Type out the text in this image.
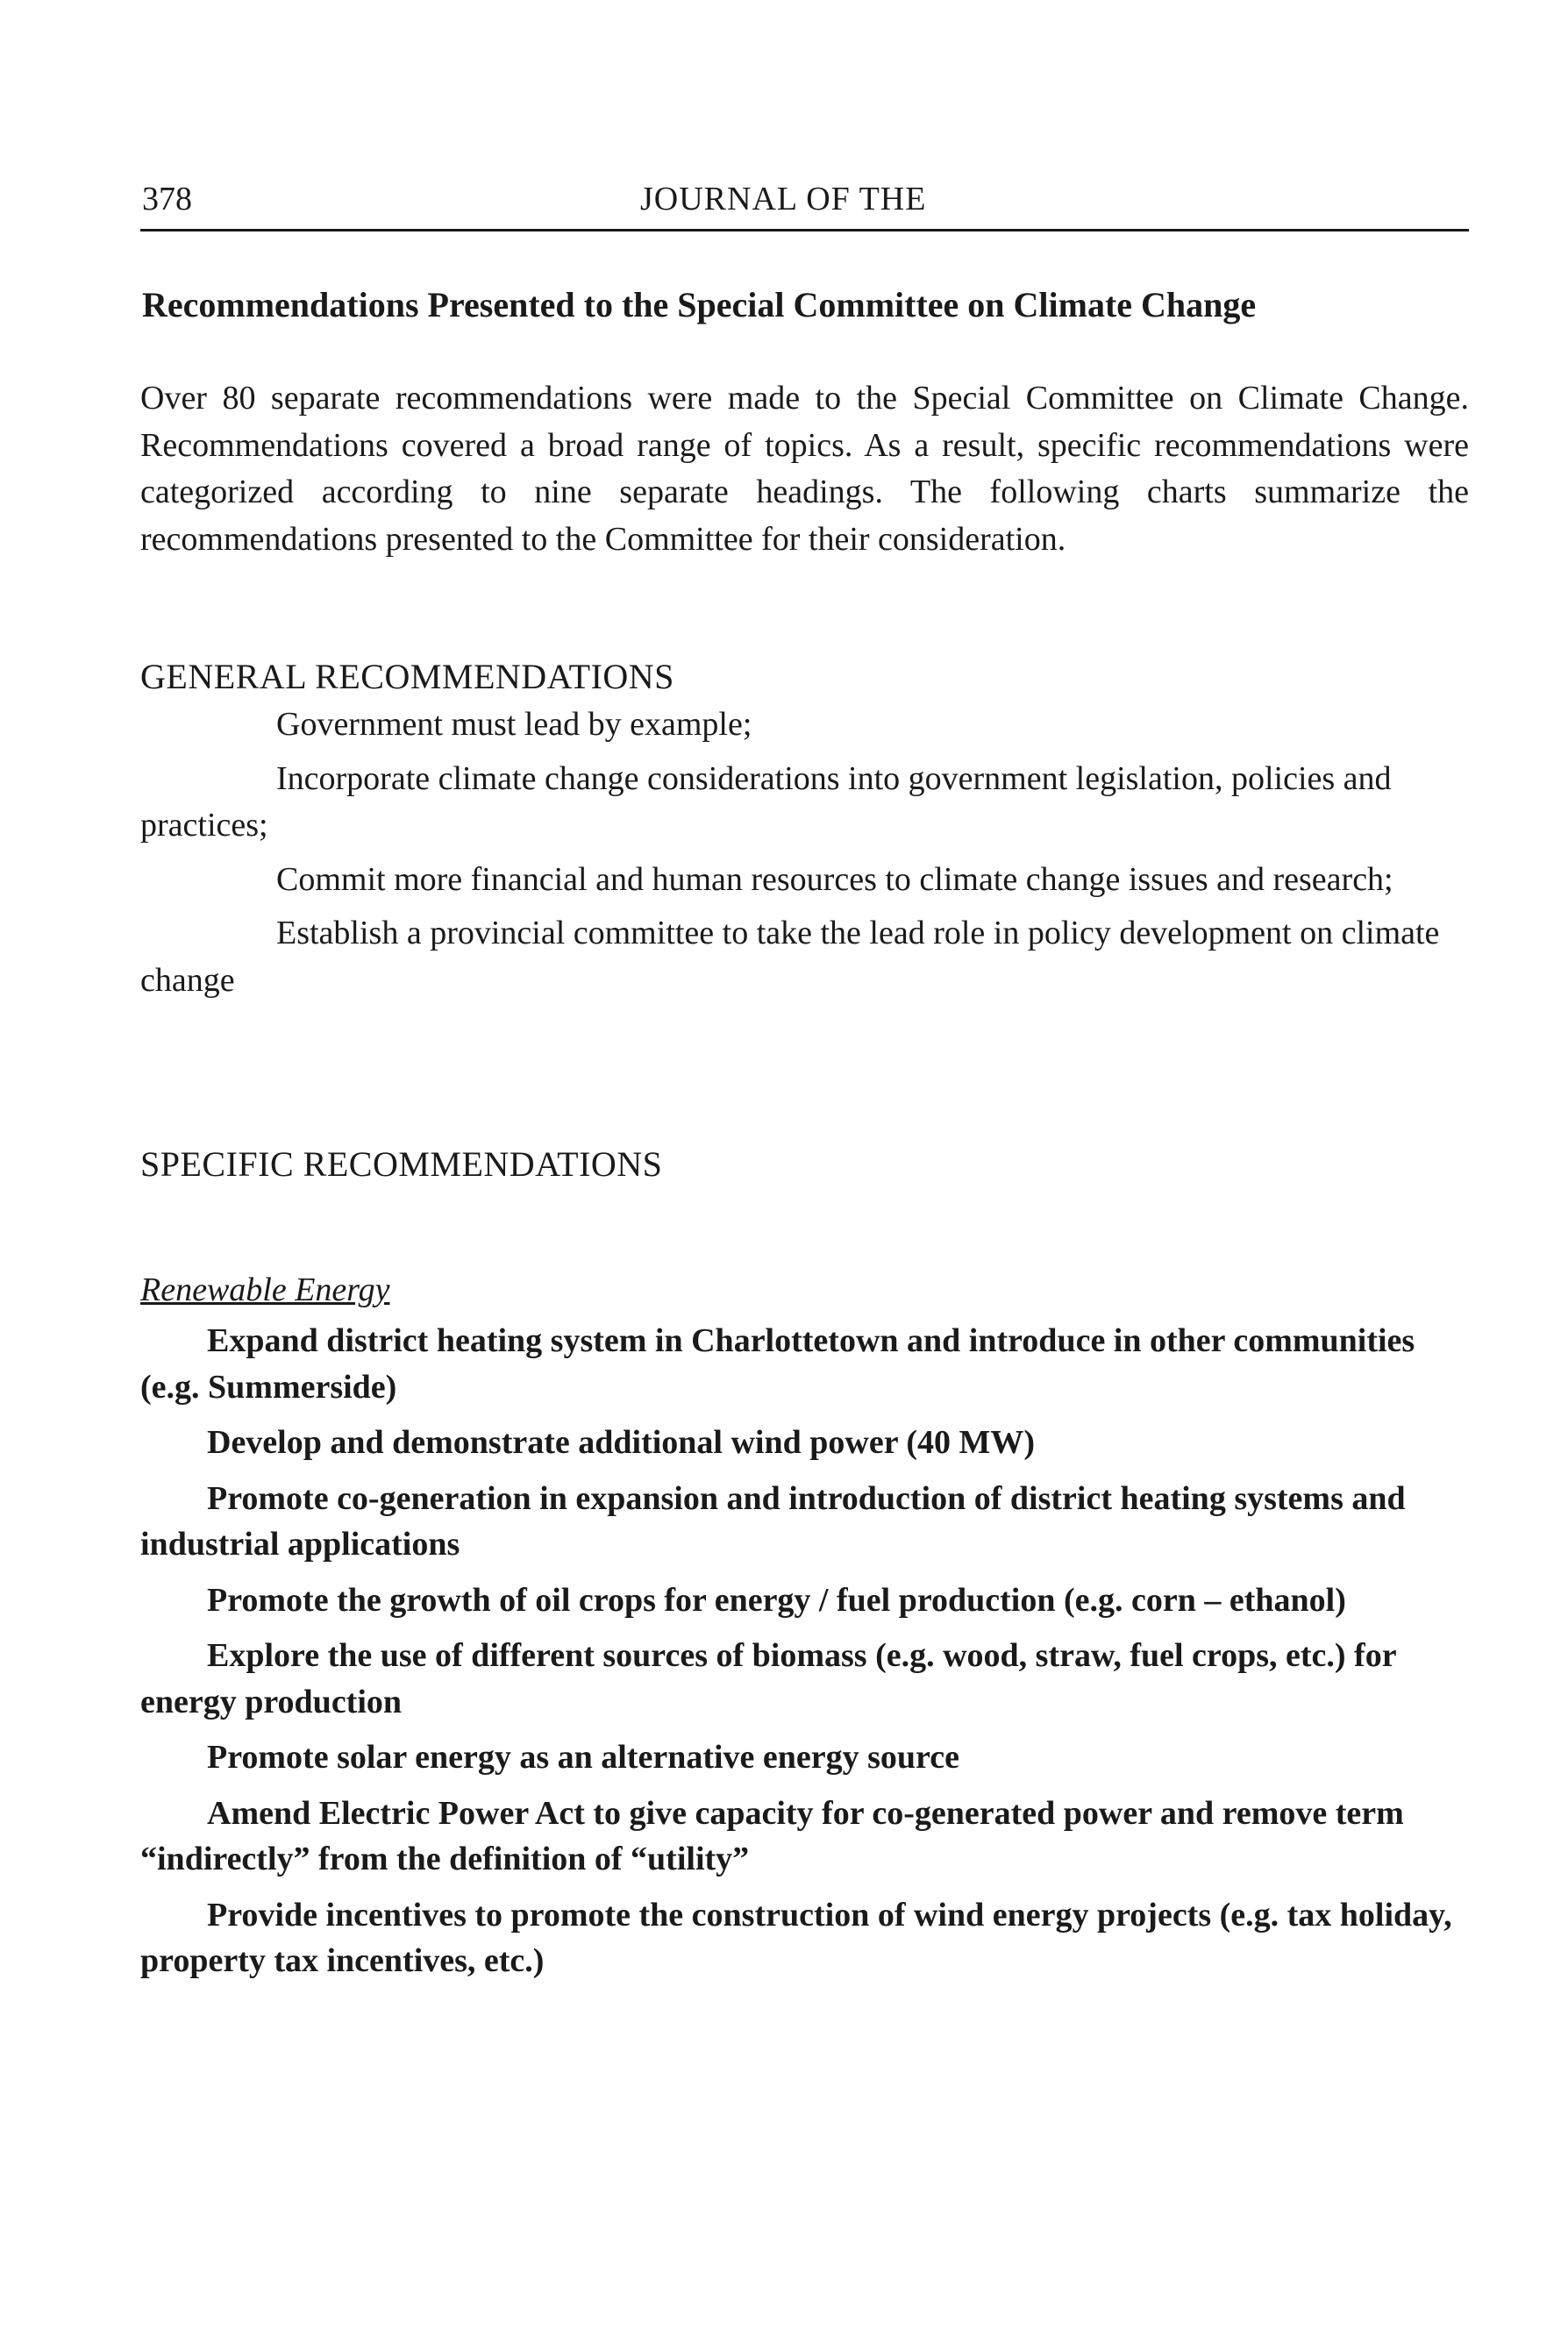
378	JOURNAL OF THE
Recommendations Presented to the Special Committee on Climate Change

Over 80 separate recommendations were made to the Special Committee on Climate Change. Recommendations covered a broad range of topics. As a result, specific recommendations were categorized according to nine separate headings. The following charts summarize the recommendations presented to the Committee for their consideration.

GENERAL RECOMMENDATIONS
Government must lead by example;
Incorporate climate change considerations into government legislation, policies and practices;
Commit more financial and human resources to climate change issues and research;
Establish a provincial committee to take the lead role in policy development on climate change
SPECIFIC RECOMMENDATIONS
Renewable Energy
Expand district heating system in Charlottetown and introduce in other communities (e.g. Summerside)
Develop and demonstrate additional wind power (40 MW)
Promote co-generation in expansion and introduction of district heating systems and industrial applications
Promote the growth of oil crops for energy / fuel production (e.g. corn – ethanol)
Explore the use of different sources of biomass (e.g. wood, straw, fuel crops, etc.) for energy production
Promote solar energy as an alternative energy source
Amend Electric Power Act to give capacity for co-generated power and remove term “indirectly” from the definition of “utility”
Provide incentives to promote the construction of wind energy projects (e.g. tax holiday, property tax incentives, etc.)
